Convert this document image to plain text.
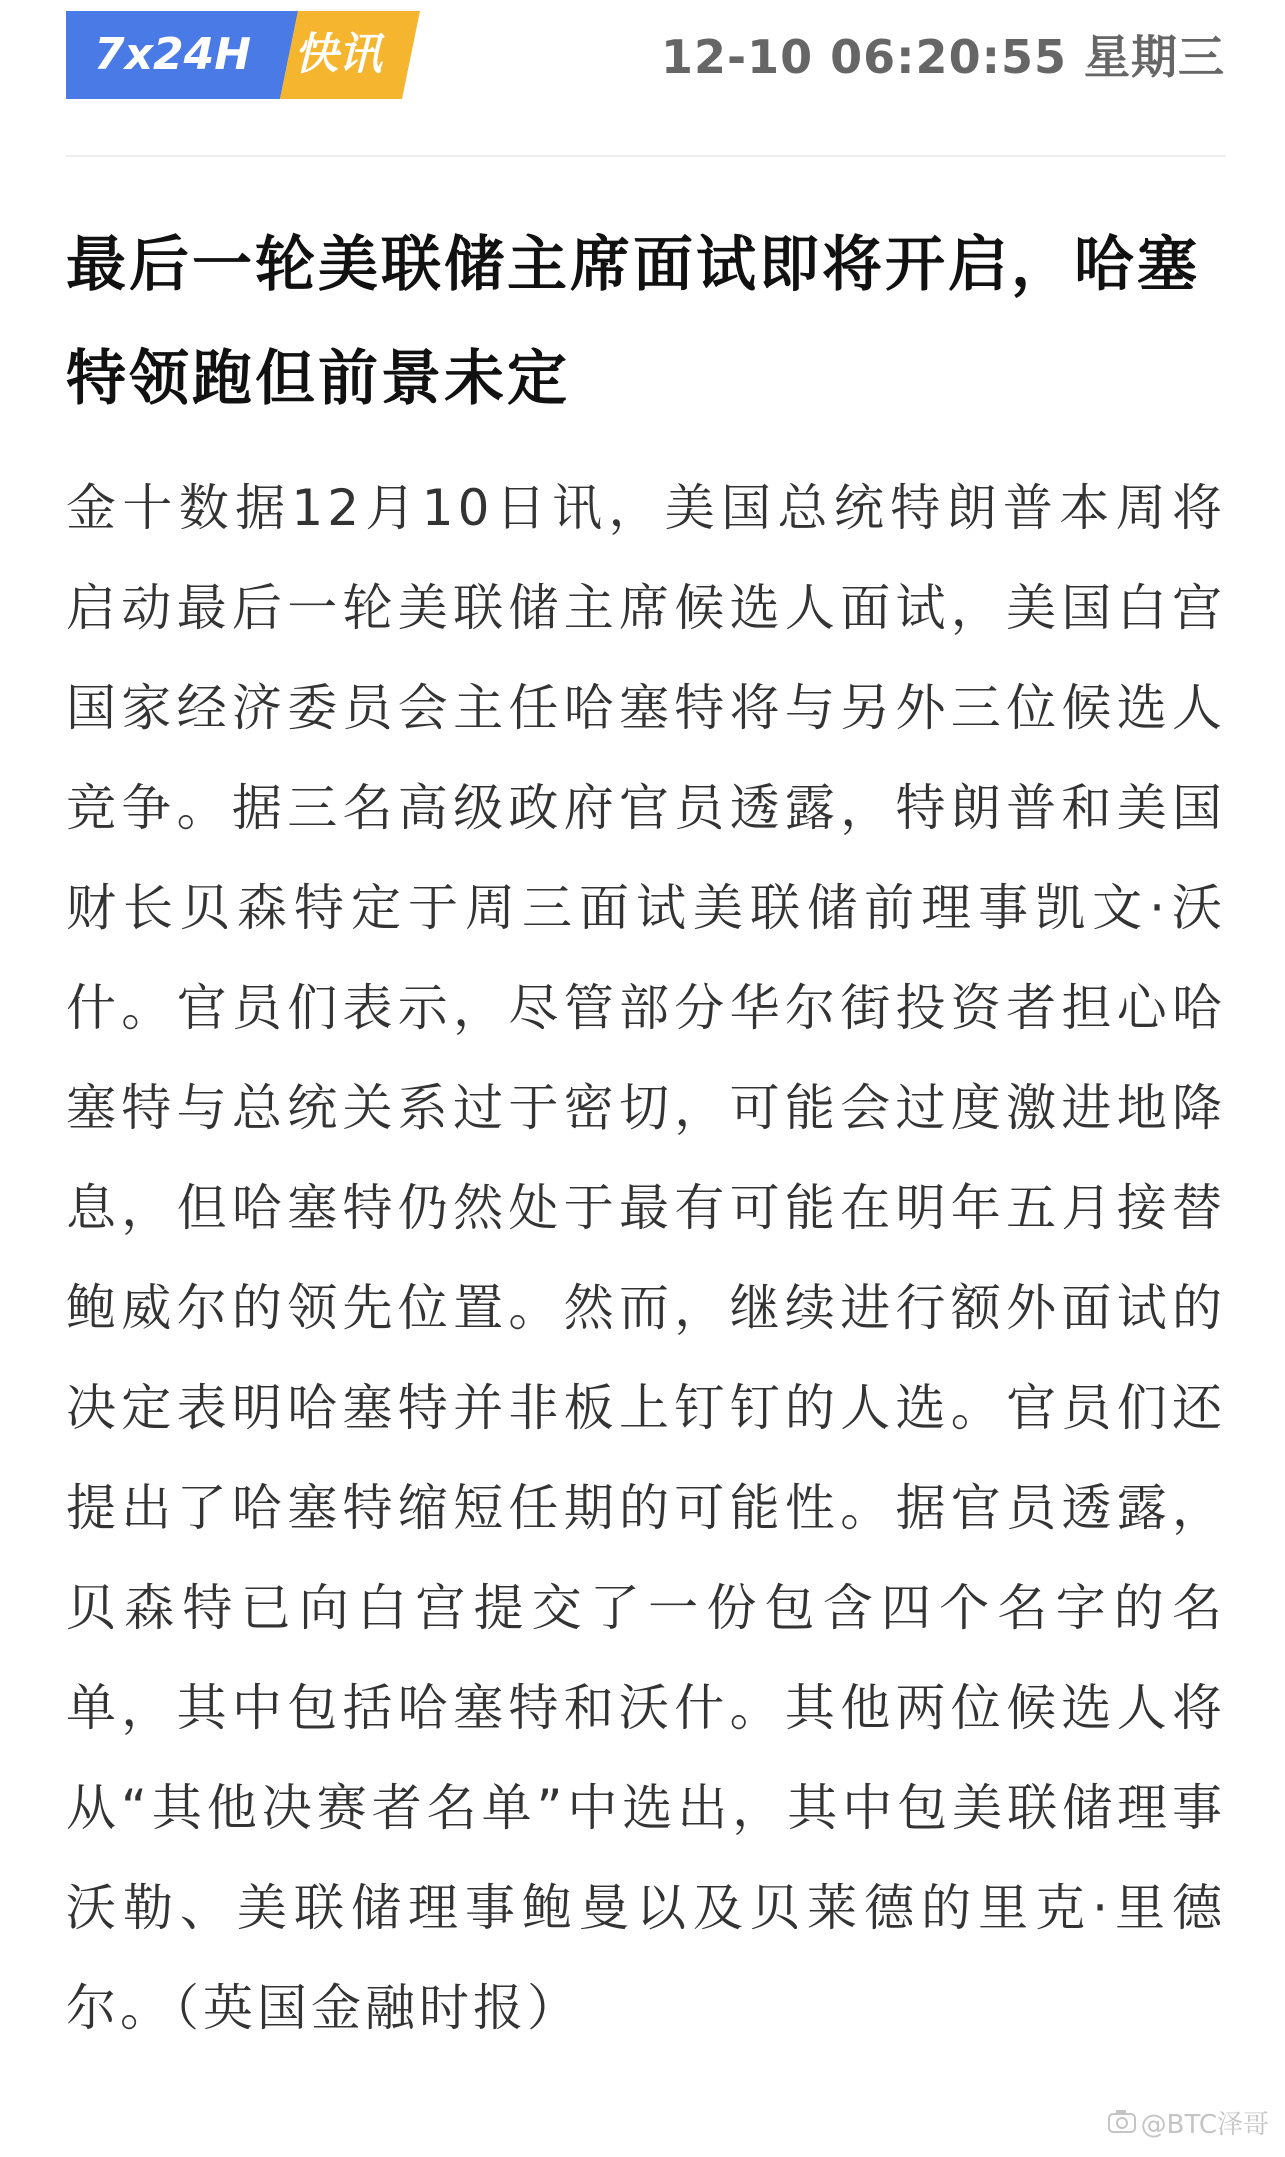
7x24H 快讯	12-10 06:20:55 星期三
最后一轮美联储主席面试即将开启，哈塞特领跑但前景未定

金十数据12月10日讯，美国总统特朗普本周将启动最后一轮美联储主席候选人面试，美国白宫国家经济委员会主任哈塞特将与另外三位候选人竞争。据三名高级政府官员透露，特朗普和美国财长贝森特定于周三面试美联储前理事凯文·沃什。官员们表示，尽管部分华尔街投资者担心哈塞特与总统关系过于密切，可能会过度激进地降息，但哈塞特仍然处于最有可能在明年五月接替鲍威尔的领先位置。然而，继续进行额外面试的决定表明哈塞特并非板上钉钉的人选。官员们还提出了哈塞特缩短任期的可能性。据官员透露，贝森特已向白宫提交了一份包含四个名字的名单，其中包括哈塞特和沃什。其他两位候选人将从“其他决赛者名单”中选出，其中包美联储理事沃勒、美联储理事鲍曼以及贝莱德的里克·里德尔。（英国金融时报）

@BTC泽哥
